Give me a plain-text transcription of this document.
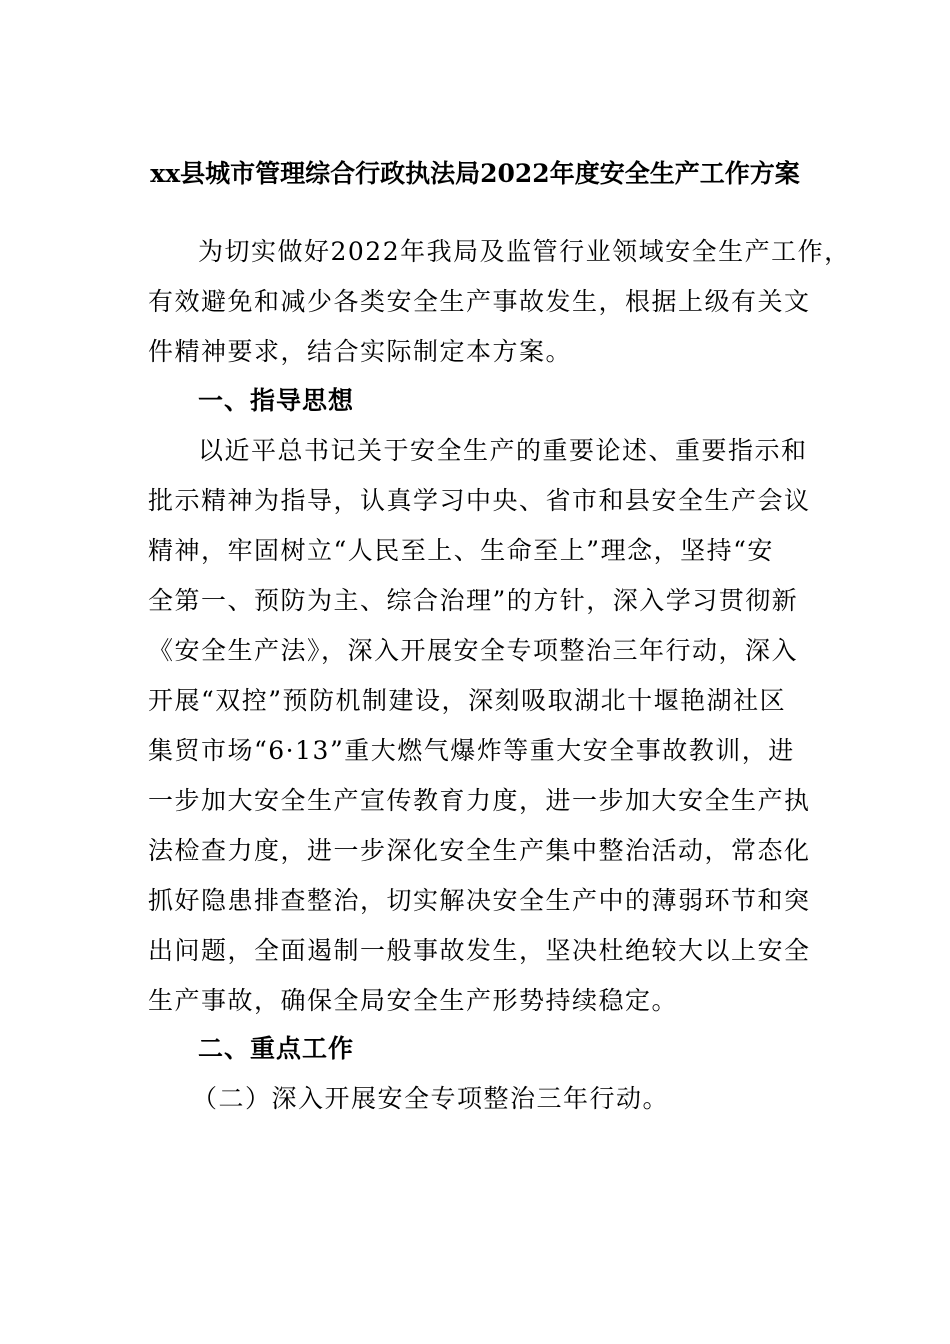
xx县城市管理综合行政执法局2022年度安全生产工作方案
为切实做好2022年我局及监管行业领域安全生产工作，
有效避免和减少各类安全生产事故发生，根据上级有关文
件精神要求，结合实际制定本方案。
一、指导思想
以近平总书记关于安全生产的重要论述、重要指示和
批示精神为指导，认真学习中央、省市和县安全生产会议
精神，牢固树立“人民至上、生命至上”理念，坚持“安
全第一、预防为主、综合治理”的方针，深入学习贯彻新
《安全生产法》，深入开展安全专项整治三年行动，深入
开展“双控”预防机制建设，深刻吸取湖北十堰艳湖社区
集贸市场“6·13”重大燃气爆炸等重大安全事故教训，进
一步加大安全生产宣传教育力度，进一步加大安全生产执
法检查力度，进一步深化安全生产集中整治活动，常态化
抓好隐患排查整治，切实解决安全生产中的薄弱环节和突
出问题，全面遏制一般事故发生，坚决杜绝较大以上安全
生产事故，确保全局安全生产形势持续稳定。
二、重点工作
（二）深入开展安全专项整治三年行动。
